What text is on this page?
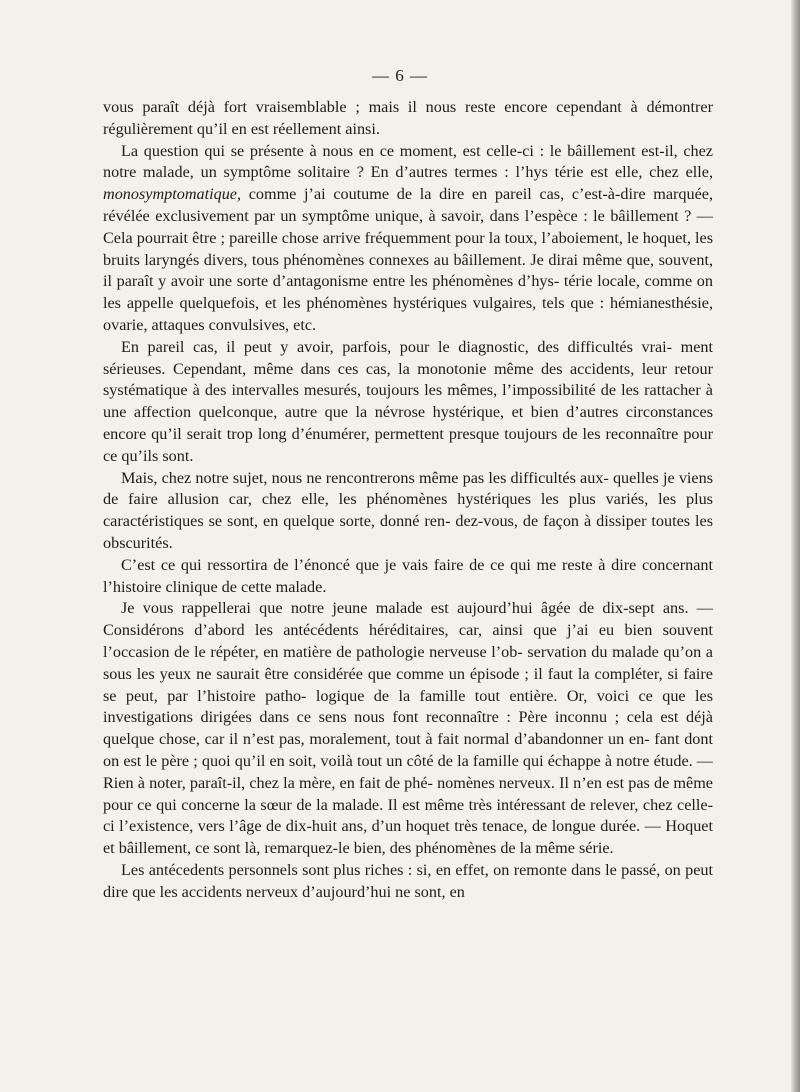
— 6 —

vous paraît déjà fort vraisemblable ; mais il nous reste encore cependant à démontrer régulièrement qu’il en est réellement ainsi.

La question qui se présente à nous en ce moment, est celle-ci : le bâillement est-il, chez notre malade, un symptôme solitaire ? En d’autres termes : l’hys térie est elle, chez elle, monosymptomatique, comme j’ai coutume de la dire en pareil cas, c’est-à-dire marquée, révélée exclusivement par un symptôme unique, à savoir, dans l’espèce : le bâillement ? — Cela pourrait être ; pareille chose arrive fréquemment pour la toux, l’aboiement, le hoquet, les bruits laryngés divers, tous phénomènes connexes au bâillement. Je dirai même que, souvent, il paraît y avoir une sorte d’antagonisme entre les phénomènes d’hys- térie locale, comme on les appelle quelquefois, et les phénomènes hystériques vulgaires, tels que : hémianesthésie, ovarie, attaques convulsives, etc.

En pareil cas, il peut y avoir, parfois, pour le diagnostic, des difficultés vrai- ment sérieuses. Cependant, même dans ces cas, la monotonie même des accidents, leur retour systématique à des intervalles mesurés, toujours les mêmes, l’impossibilité de les rattacher à une affection quelconque, autre que la névrose hystérique, et bien d’autres circonstances encore qu’il serait trop long d’énumérer, permettent presque toujours de les reconnaître pour ce qu’ils sont.

Mais, chez notre sujet, nous ne rencontrerons même pas les difficultés aux- quelles je viens de faire allusion car, chez elle, les phénomènes hystériques les plus variés, les plus caractéristiques se sont, en quelque sorte, donné ren- dez-vous, de façon à dissiper toutes les obscurités.

C’est ce qui ressortira de l’énoncé que je vais faire de ce qui me reste à dire concernant l’histoire clinique de cette malade.

Je vous rappellerai que notre jeune malade est aujourd’hui âgée de dix-sept ans. — Considérons d’abord les antécédents héréditaires, car, ainsi que j’ai eu bien souvent l’occasion de le répéter, en matière de pathologie nerveuse l’ob- servation du malade qu’on a sous les yeux ne saurait être considérée que comme un épisode ; il faut la compléter, si faire se peut, par l’histoire patho- logique de la famille tout entière. Or, voici ce que les investigations dirigées dans ce sens nous font reconnaître : Père inconnu ; cela est déjà quelque chose, car il n’est pas, moralement, tout à fait normal d’abandonner un en- fant dont on est le père ; quoi qu’il en soit, voilà tout un côté de la famille qui échappe à notre étude. — Rien à noter, paraît-il, chez la mère, en fait de phé- nomènes nerveux. Il n’en est pas de même pour ce qui concerne la sœur de la malade. Il est même très intéressant de relever, chez celle-ci l’existence, vers l’âge de dix-huit ans, d’un hoquet très tenace, de longue durée. — Hoquet et bâillement, ce sont là, remarquez-le bien, des phénomènes de la même série.

Les antécedents personnels sont plus riches : si, en effet, on remonte dans le passé, on peut dire que les accidents nerveux d’aujourd’hui ne sont, en
